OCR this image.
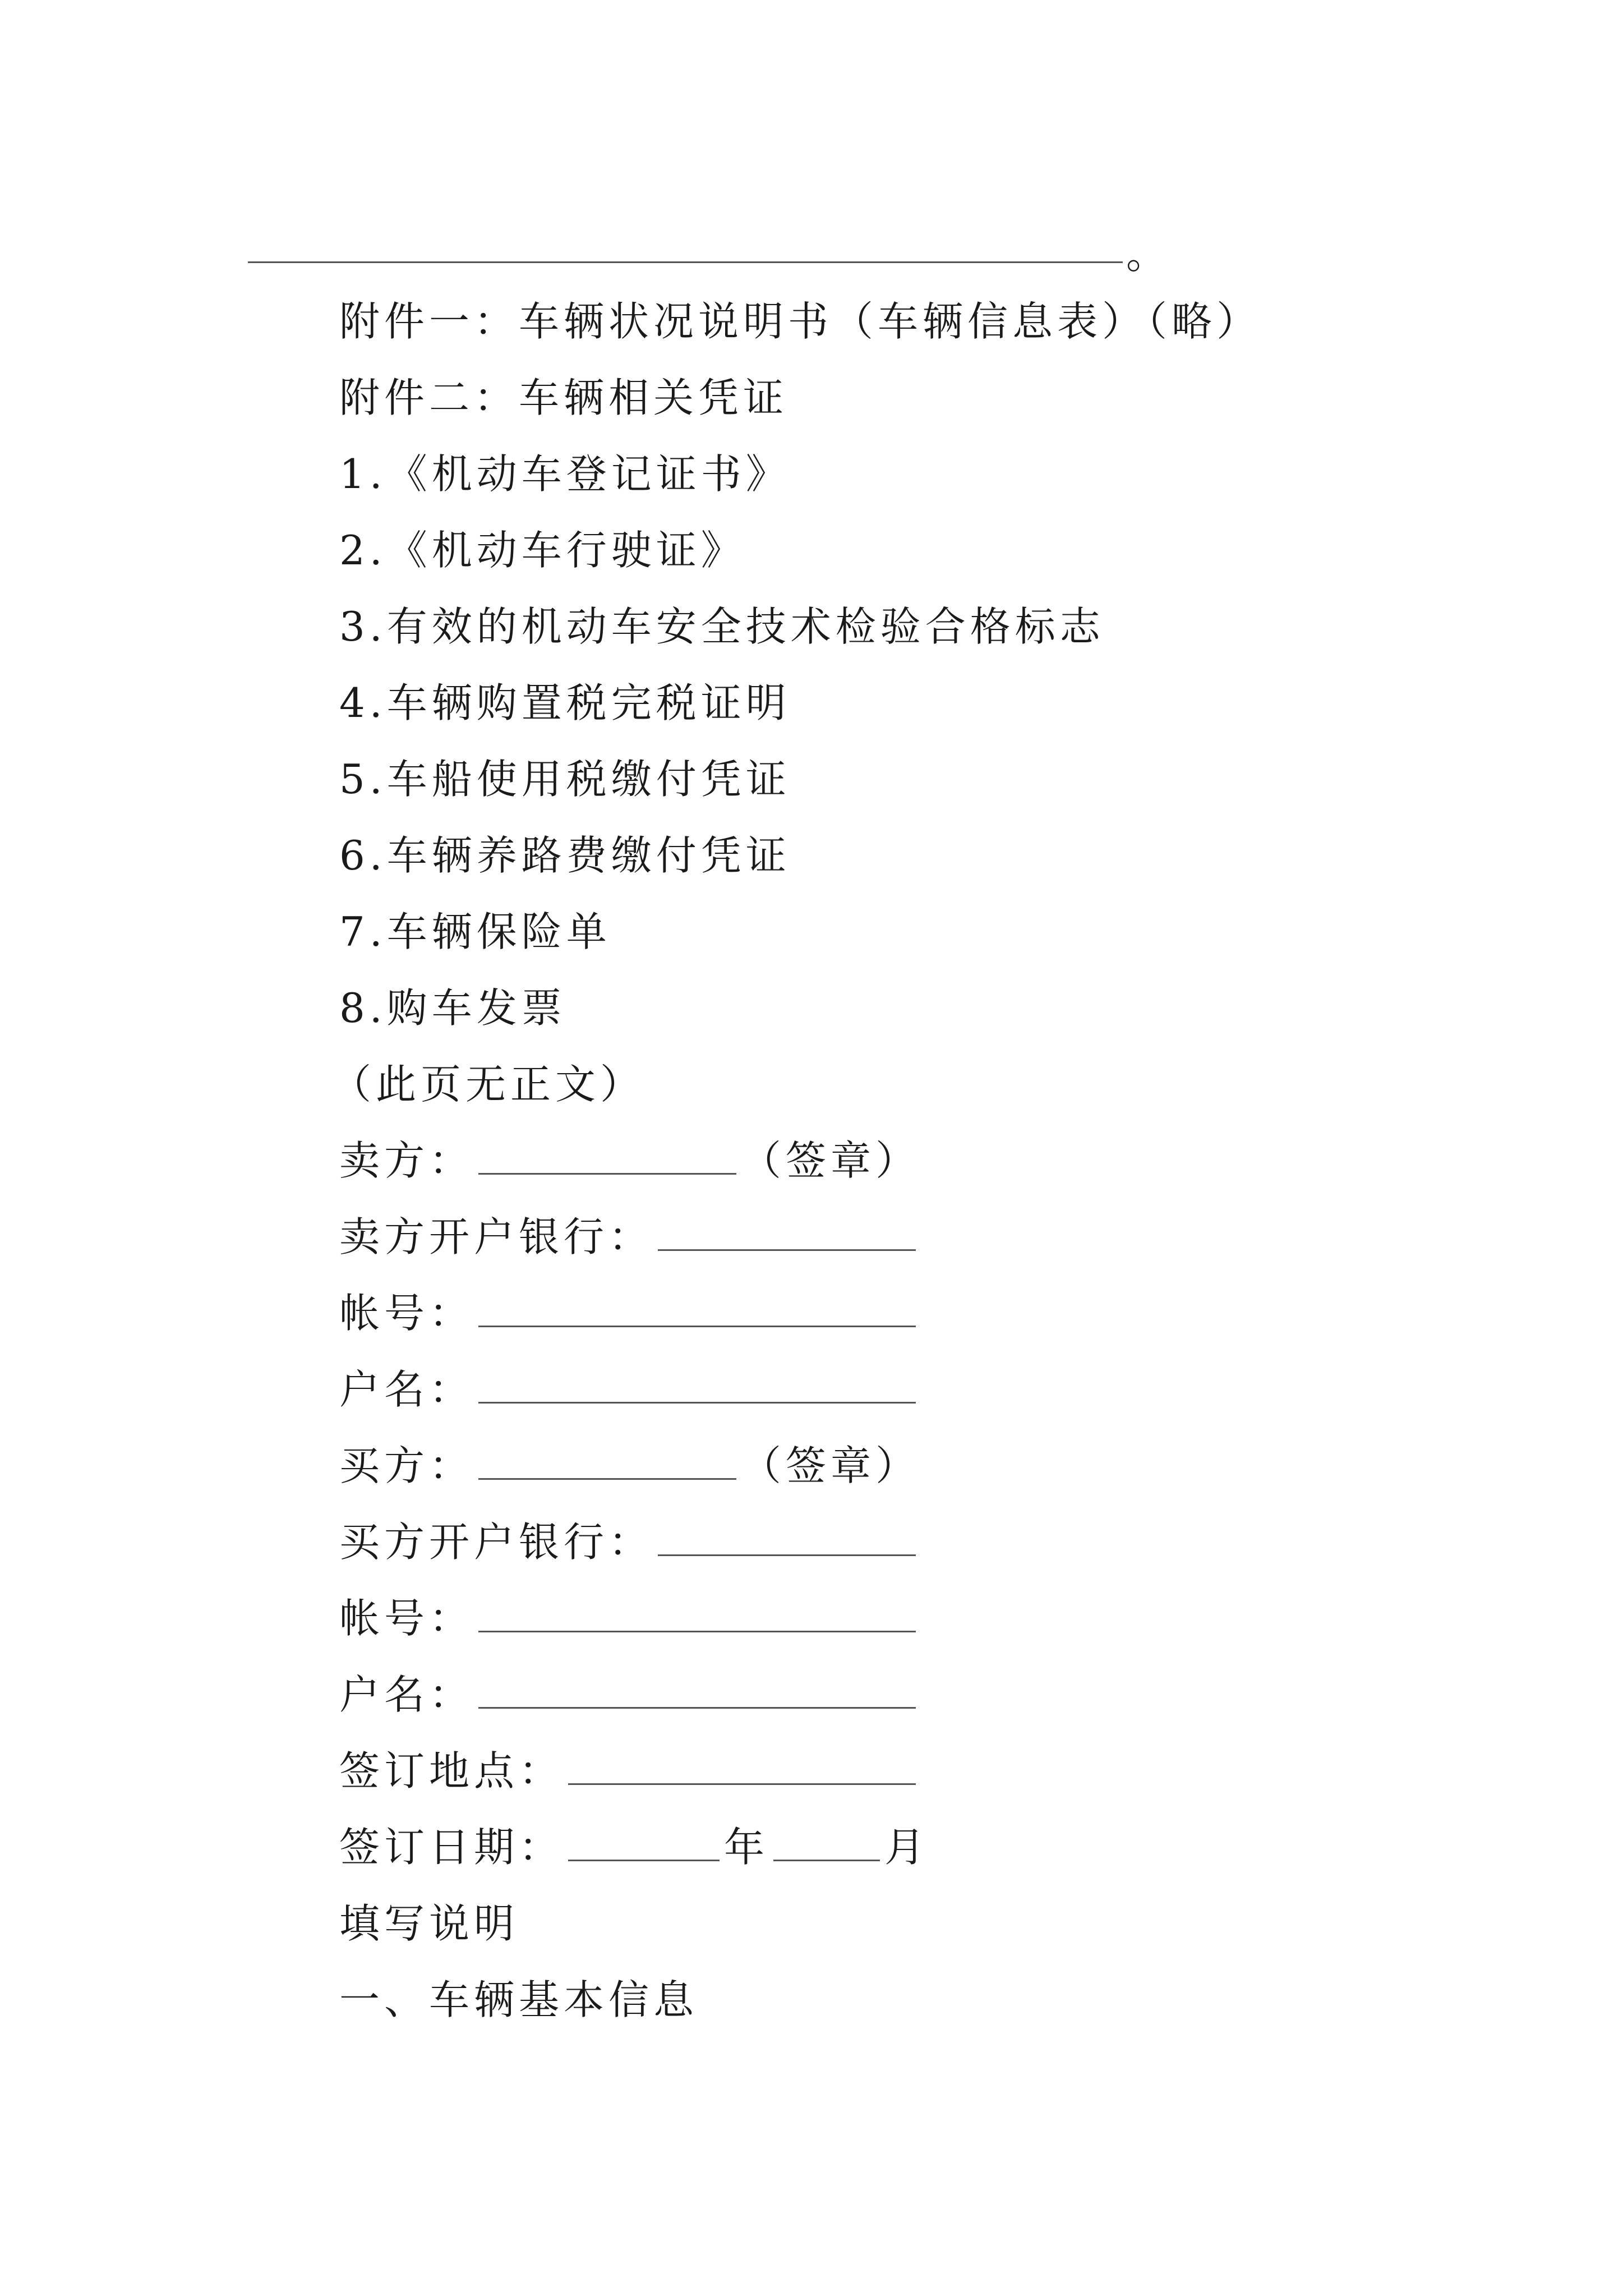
。
附件一：车辆状况说明书（车辆信息表）（略）
附件二：车辆相关凭证
1.《机动车登记证书》
2.《机动车行驶证》
3.有效的机动车安全技术检验合格标志
4.车辆购置税完税证明
5.车船使用税缴付凭证
6.车辆养路费缴付凭证
7.车辆保险单
8.购车发票
（此页无正文）
卖方：	（签章）
卖方开户银行：
帐号：
户名：
买方：	（签章）
买方开户银行：
帐号：
户名：
签订地点：
签订日期：	年	月
填写说明
一、车辆基本信息
